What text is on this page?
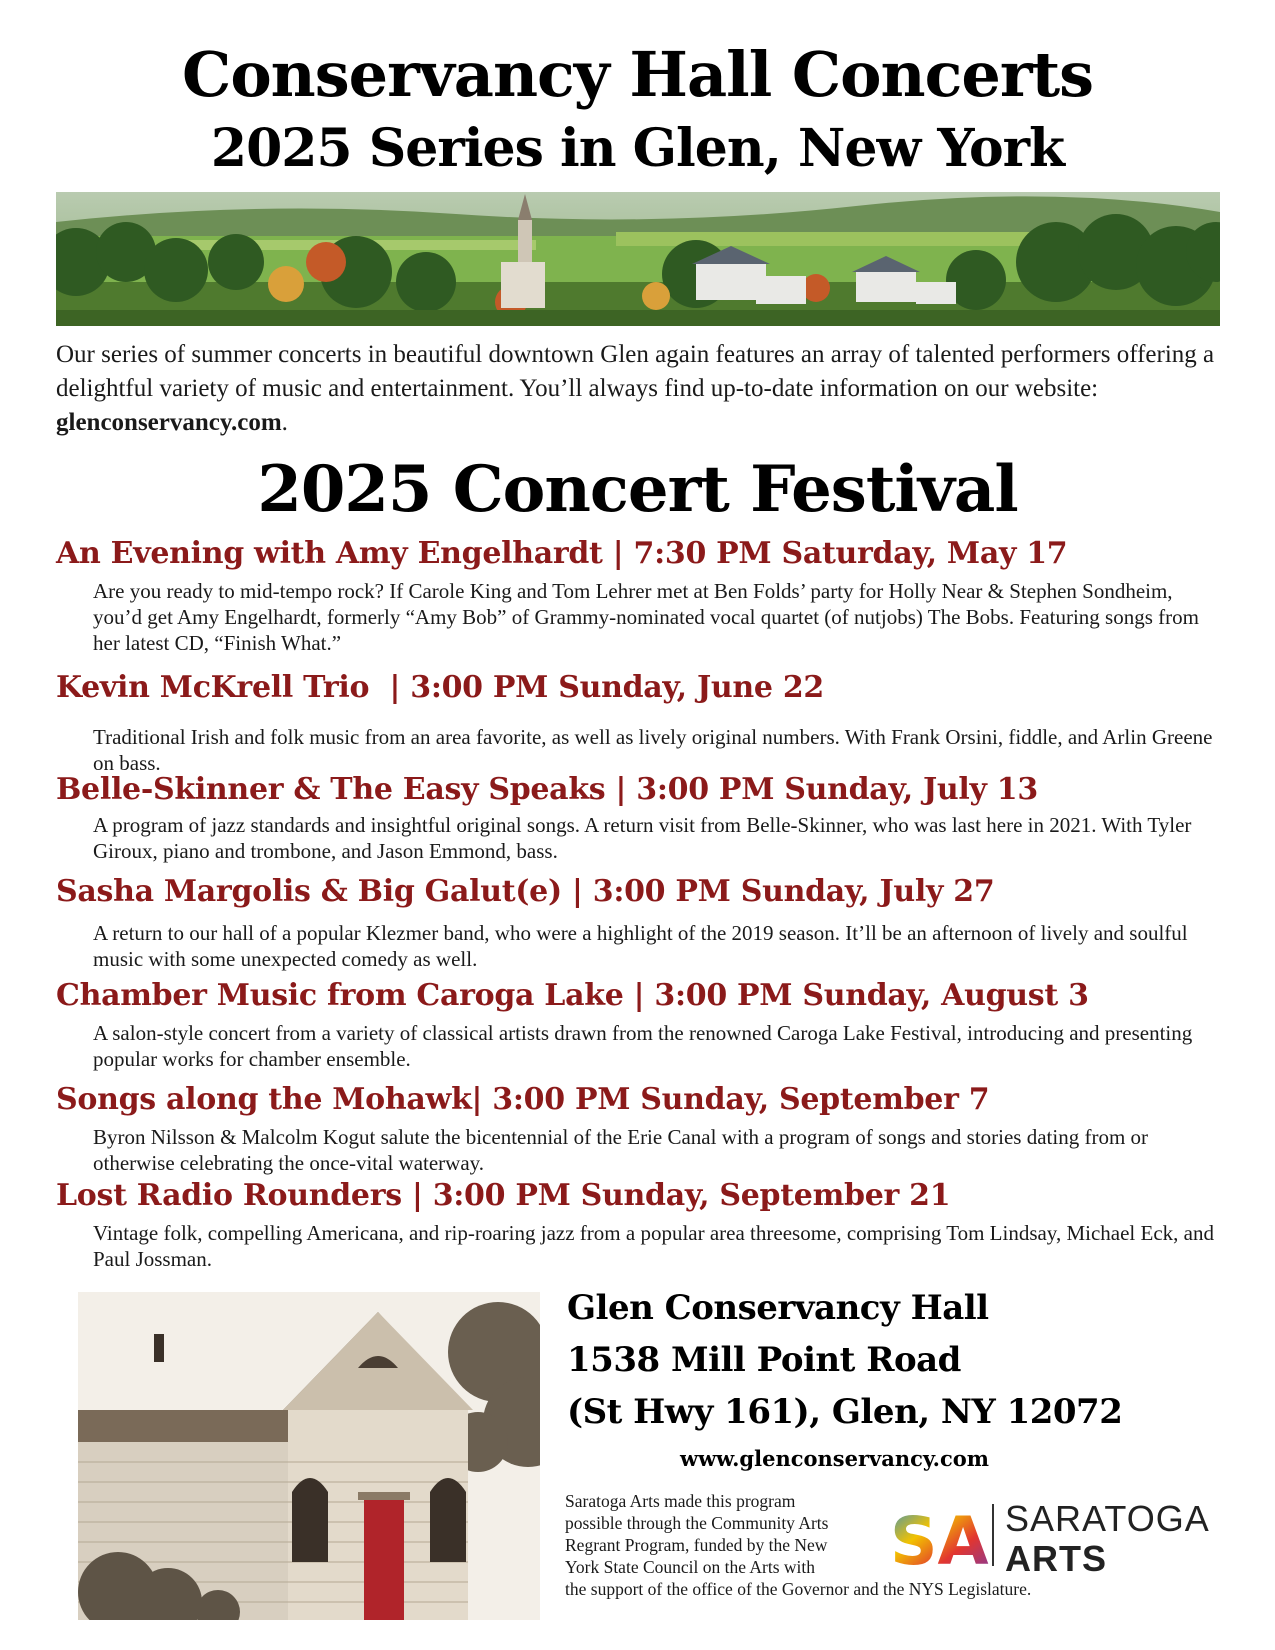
Conservancy Hall Concerts
2025 Series in Glen, New York
Our series of summer concerts in beautiful downtown Glen again features an array of talented performers offering a delightful variety of music and entertainment. You’ll always find up-to-date information on our website: glenconservancy.com.
2025 Concert Festival
An Evening with Amy Engelhardt | 7:30 PM Saturday, May 17
Are you ready to mid-tempo rock? If Carole King and Tom Lehrer met at Ben Folds’ party for Holly Near & Stephen Sondheim, you’d get Amy Engelhardt, formerly “Amy Bob” of Grammy-nominated vocal quartet (of nutjobs) The Bobs. Featuring songs from her latest CD, “Finish What.”
Kevin McKrell Trio  | 3:00 PM Sunday, June 22
Traditional Irish and folk music from an area favorite, as well as lively original numbers. With Frank Orsini, fiddle, and Arlin Greene on bass.
Belle-Skinner & The Easy Speaks | 3:00 PM Sunday, July 13
A program of jazz standards and insightful original songs. A return visit from Belle-Skinner, who was last here in 2021. With Tyler Giroux, piano and trombone, and Jason Emmond, bass.
Sasha Margolis & Big Galut(e) | 3:00 PM Sunday, July 27
A return to our hall of a popular Klezmer band, who were a highlight of the 2019 season. It’ll be an afternoon of lively and soulful music with some unexpected comedy as well.
Chamber Music from Caroga Lake | 3:00 PM Sunday, August 3
A salon-style concert from a variety of classical artists drawn from the renowned Caroga Lake Festival, introducing and presenting popular works for chamber ensemble.
Songs along the Mohawk| 3:00 PM Sunday, September 7
Byron Nilsson & Malcolm Kogut salute the bicentennial of the Erie Canal with a program of songs and stories dating from or otherwise celebrating the once-vital waterway.
Lost Radio Rounders | 3:00 PM Sunday, September 21
Vintage folk, compelling Americana, and rip-roaring jazz from a popular area threesome, comprising Tom Lindsay, Michael Eck, and Paul Jossman.
Glen Conservancy Hall
1538 Mill Point Road
(St Hwy 161), Glen, NY 12072
www.glenconservancy.com
Saratoga Arts made this program
possible through the Community Arts
Regrant Program, funded by the New
York State Council on the Arts with
the support of the office of the Governor and the NYS Legislature.
SA SARATOGA
ARTS
